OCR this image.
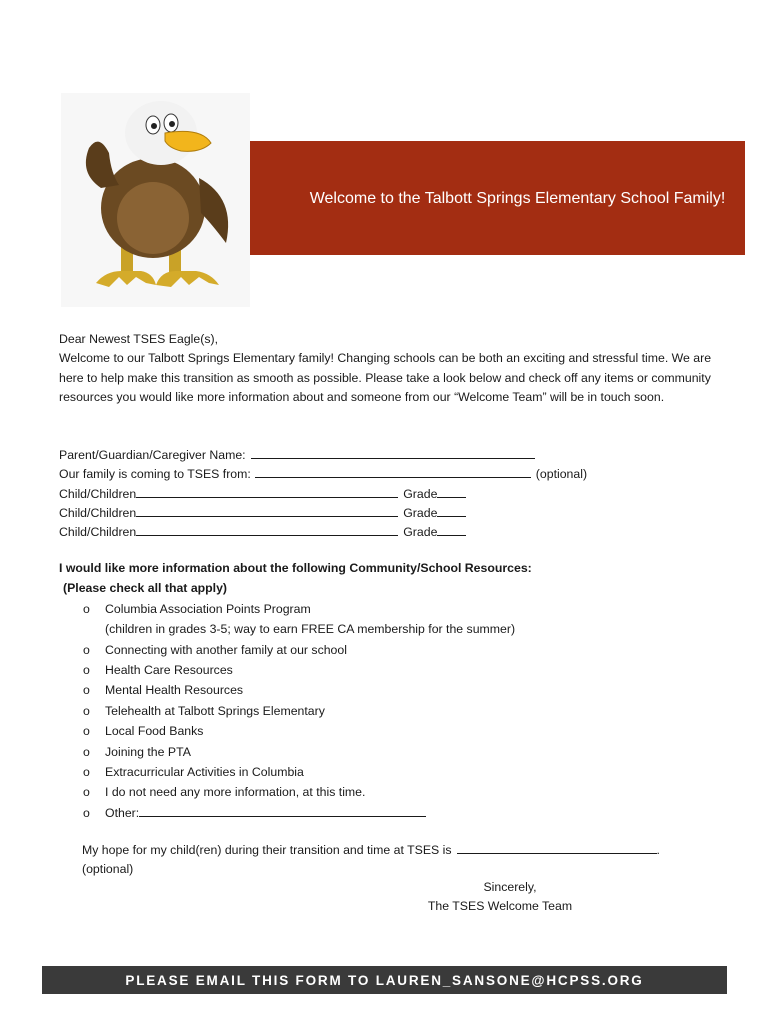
Welcome to the Talbott Springs Elementary School Family!

Dear Newest TSES Eagle(s),

Welcome to our Talbott Springs Elementary family! Changing schools can be both an exciting and stressful time. We are here to help make this transition as smooth as possible. Please take a look below and check off any items or community resources you would like more information about and someone from our “Welcome Team” will be in touch soon.

Parent/Guardian/Caregiver Name:
Our family is coming to TSES from:	(optional)
Child/Children	Grade
Child/Children	Grade
Child/Children	Grade
I would like more information about the following Community/School Resources:
(Please check all that apply)
o	Columbia Association Points Program
(children in grades 3-5; way to earn FREE CA membership for the summer)
o	Connecting with another family at our school
o	Health Care Resources
o	Mental Health Resources
o	Telehealth at Talbott Springs Elementary
o	Local Food Banks
o	Joining the PTA
o	Extracurricular Activities in Columbia
o	I do not need any more information, at this time.
o	Other:
My hope for my child(ren) during their transition and time at TSES is	.
(optional)
Sincerely,
The TSES Welcome Team
PLEASE EMAIL THIS FORM TO LAUREN_SANSONE@HCPSS.ORG
